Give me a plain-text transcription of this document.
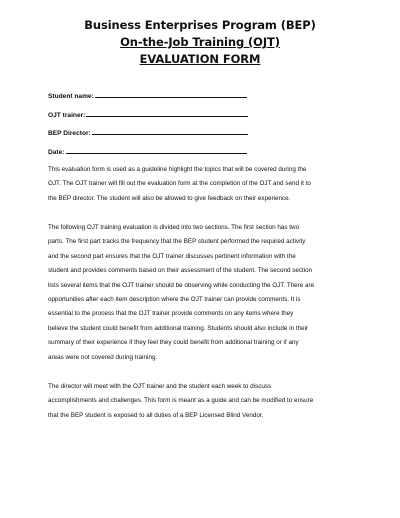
Business Enterprises Program (BEP)
On-the-Job Training (OJT)
EVALUATION FORM
Student name:
OJT trainer:
BEP Director:
Date:
This evaluation form is used as a guideline highlight the topics that will be covered during the
OJT. The OJT trainer will fill out the evaluation form at the completion of the OJT and send it to
the BEP director. The student will also be allowed to give feedback on their experience.
The following OJT training evaluation is divided into two sections. The first section has two
parts. The first part tracks the frequency that the BEP student performed the required activity
and the second part ensures that the OJT trainer discusses pertinent information with the
student and provides comments based on their assessment of the student. The second section
lists several items that the OJT trainer should be observing while conducting the OJT. There are
opportunities after each item description where the OJT trainer can provide comments. It is
essential to the process that the OJT trainer provide comments on any items where they
believe the student could benefit from additional training. Students should also include in their
summary of their experience if they feel they could benefit from additional training or if any
areas were not covered during training.
The director will meet with the OJT trainer and the student each week to discuss
accomplishments and challenges. This form is meant as a guide and can be modified to ensure
that the BEP student is exposed to all duties of a BEP Licensed Blind Vendor.
